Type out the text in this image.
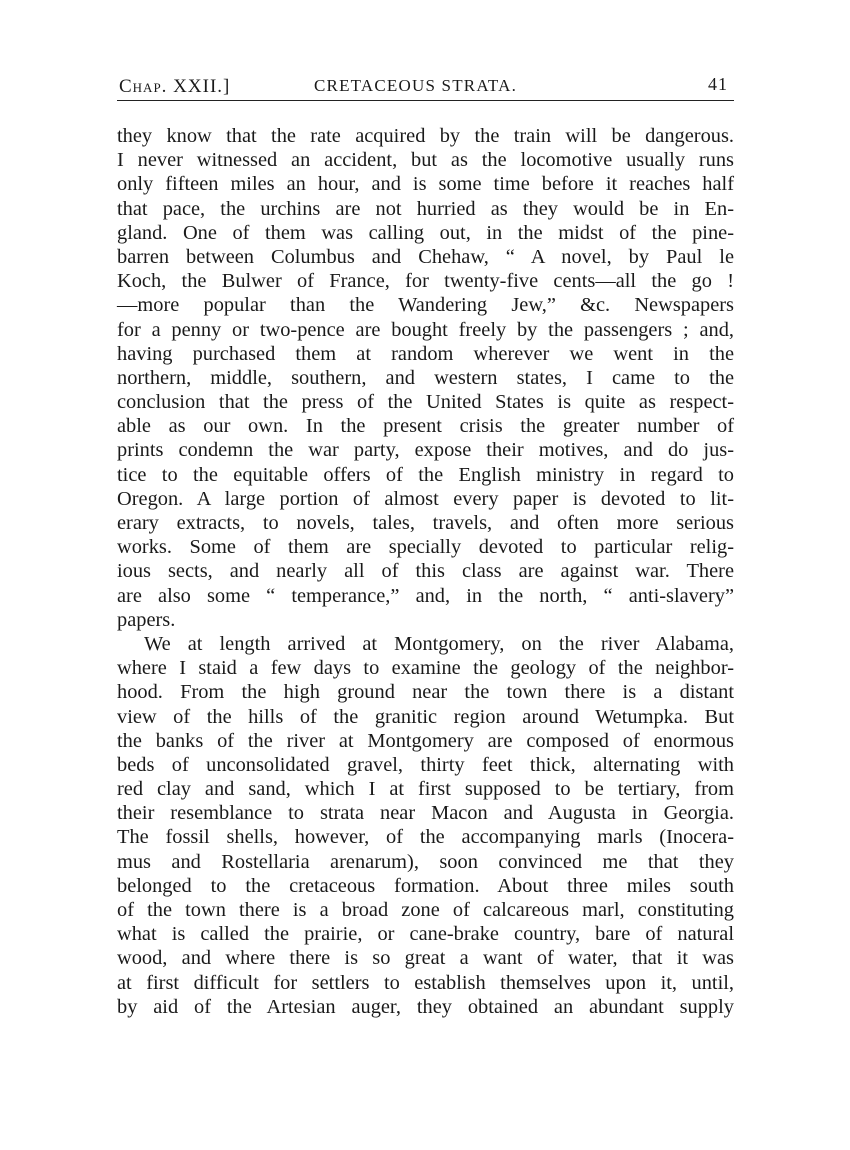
Chap. XXII.]	CRETACEOUS STRATA.	41
they know that the rate acquired by the train will be dangerous.
I never witnessed an accident, but as the locomotive usually runs
only fifteen miles an hour, and is some time before it reaches half
that pace, the urchins are not hurried as they would be in En-
gland. One of them was calling out, in the midst of the pine-
barren between Columbus and Chehaw, “ A novel, by Paul le
Koch, the Bulwer of France, for twenty-five cents—all the go !
—more popular than the Wandering Jew,” &c. Newspapers
for a penny or two-pence are bought freely by the passengers ; and,
having purchased them at random wherever we went in the
northern, middle, southern, and western states, I came to the
conclusion that the press of the United States is quite as respect-
able as our own. In the present crisis the greater number of
prints condemn the war party, expose their motives, and do jus-
tice to the equitable offers of the English ministry in regard to
Oregon. A large portion of almost every paper is devoted to lit-
erary extracts, to novels, tales, travels, and often more serious
works. Some of them are specially devoted to particular relig-
ious sects, and nearly all of this class are against war. There
are also some “ temperance,” and, in the north, “ anti-slavery”
papers.
We at length arrived at Montgomery, on the river Alabama,
where I staid a few days to examine the geology of the neighbor-
hood. From the high ground near the town there is a distant
view of the hills of the granitic region around Wetumpka. But
the banks of the river at Montgomery are composed of enormous
beds of unconsolidated gravel, thirty feet thick, alternating with
red clay and sand, which I at first supposed to be tertiary, from
their resemblance to strata near Macon and Augusta in Georgia.
The fossil shells, however, of the accompanying marls (Inocera-
mus and Rostellaria arenarum), soon convinced me that they
belonged to the cretaceous formation. About three miles south
of the town there is a broad zone of calcareous marl, constituting
what is called the prairie, or cane-brake country, bare of natural
wood, and where there is so great a want of water, that it was
at first difficult for settlers to establish themselves upon it, until,
by aid of the Artesian auger, they obtained an abundant supply
